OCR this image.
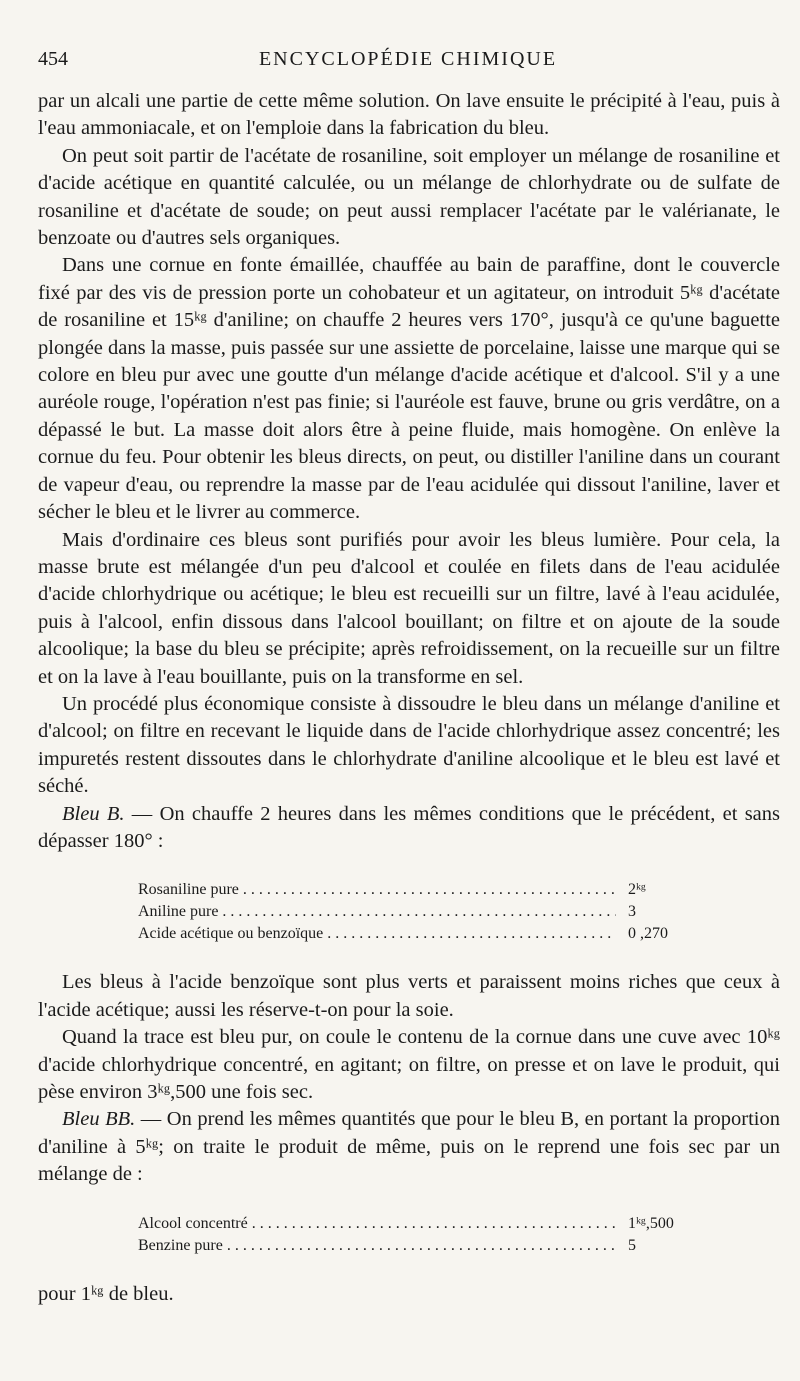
454	ENCYCLOPÉDIE CHIMIQUE

par un alcali une partie de cette même solution. On lave ensuite le précipité à l'eau, puis à l'eau ammoniacale, et on l'emploie dans la fabrication du bleu.

On peut soit partir de l'acétate de rosaniline, soit employer un mélange de rosaniline et d'acide acétique en quantité calculée, ou un mélange de chlorhydrate ou de sulfate de rosaniline et d'acétate de soude; on peut aussi remplacer l'acétate par le valérianate, le benzoate ou d'autres sels organiques.

Dans une cornue en fonte émaillée, chauffée au bain de paraffine, dont le couvercle fixé par des vis de pression porte un cohobateur et un agitateur, on introduit 5ᵏᵍ d'acétate de rosaniline et 15ᵏᵍ d'aniline; on chauffe 2 heures vers 170°, jusqu'à ce qu'une baguette plongée dans la masse, puis passée sur une assiette de porcelaine, laisse une marque qui se colore en bleu pur avec une goutte d'un mélange d'acide acétique et d'alcool. S'il y a une auréole rouge, l'opération n'est pas finie; si l'auréole est fauve, brune ou gris verdâtre, on a dépassé le but. La masse doit alors être à peine fluide, mais homogène. On enlève la cornue du feu. Pour obtenir les bleus directs, on peut, ou distiller l'aniline dans un courant de vapeur d'eau, ou reprendre la masse par de l'eau acidulée qui dissout l'aniline, laver et sécher le bleu et le livrer au commerce.

Mais d'ordinaire ces bleus sont purifiés pour avoir les bleus lumière. Pour cela, la masse brute est mélangée d'un peu d'alcool et coulée en filets dans de l'eau acidulée d'acide chlorhydrique ou acétique; le bleu est recueilli sur un filtre, lavé à l'eau acidulée, puis à l'alcool, enfin dissous dans l'alcool bouillant; on filtre et on ajoute de la soude alcoolique; la base du bleu se précipite; après refroidissement, on la recueille sur un filtre et on la lave à l'eau bouillante, puis on la transforme en sel.

Un procédé plus économique consiste à dissoudre le bleu dans un mélange d'aniline et d'alcool; on filtre en recevant le liquide dans de l'acide chlorhydrique assez concentré; les impuretés restent dissoutes dans le chlorhydrate d'aniline alcoolique et le bleu est lavé et séché.

Bleu B. — On chauffe 2 heures dans les mêmes conditions que le précédent, et sans dépasser 180° :

Rosaniline pure . . .	2ᵏᵍ
Aniline pure . . .	3
Acide acétique ou benzoïque . . .	0 ,270

Les bleus à l'acide benzoïque sont plus verts et paraissent moins riches que ceux à l'acide acétique; aussi les réserve-t-on pour la soie.

Quand la trace est bleu pur, on coule le contenu de la cornue dans une cuve avec 10ᵏᵍ d'acide chlorhydrique concentré, en agitant; on filtre, on presse et on lave le produit, qui pèse environ 3ᵏᵍ,500 une fois sec.

Bleu BB. — On prend les mêmes quantités que pour le bleu B, en portant la proportion d'aniline à 5ᵏᵍ; on traite le produit de même, puis on le reprend une fois sec par un mélange de :

Alcool concentré . . .	1ᵏᵍ,500
Benzine pure . . .	5

pour 1ᵏᵍ de bleu.
